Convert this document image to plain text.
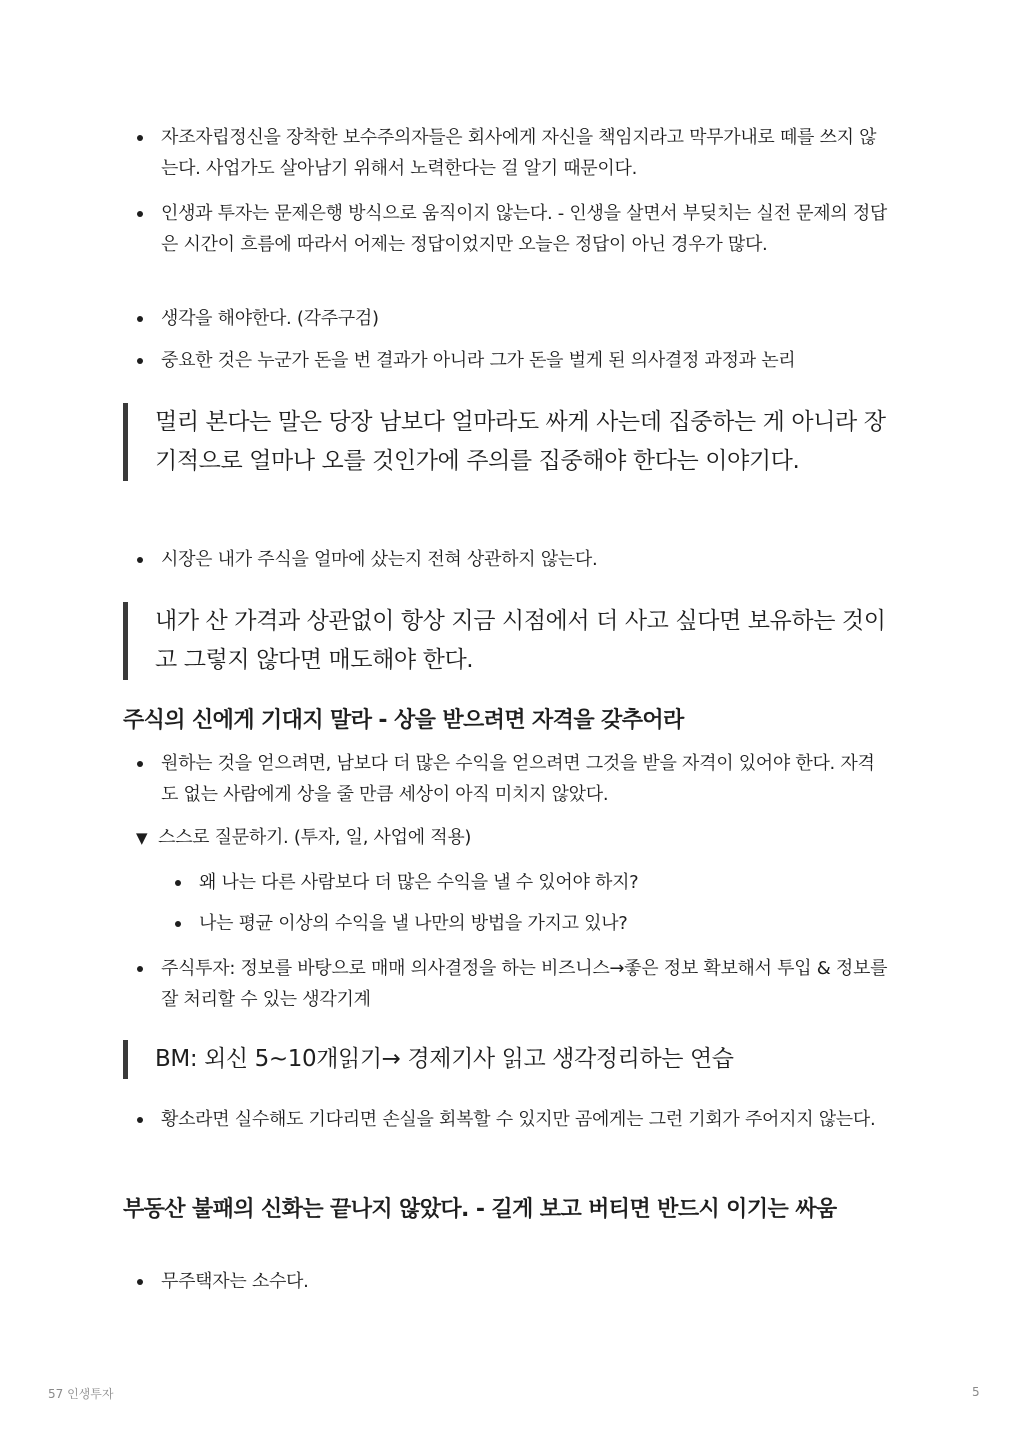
자조자립정신을 장착한 보수주의자들은 회사에게 자신을 책임지라고 막무가내로 떼를 쓰지 않는다. 사업가도 살아남기 위해서 노력한다는 걸 알기 때문이다.
인생과 투자는 문제은행 방식으로 움직이지 않는다. - 인생을 살면서 부딪치는 실전 문제의 정답은 시간이 흐름에 따라서 어제는 정답이었지만 오늘은 정답이 아닌 경우가 많다.
생각을 해야한다. (각주구검)
중요한 것은 누군가 돈을 번 결과가 아니라 그가 돈을 벌게 된 의사결정 과정과 논리
멀리 본다는 말은 당장 남보다 얼마라도 싸게 사는데 집중하는 게 아니라 장기적으로 얼마나 오를 것인가에 주의를 집중해야 한다는 이야기다.
시장은 내가 주식을 얼마에 샀는지 전혀 상관하지 않는다.
내가 산 가격과 상관없이 항상 지금 시점에서 더 사고 싶다면 보유하는 것이고 그렇지 않다면 매도해야 한다.
주식의 신에게 기대지 말라 - 상을 받으려면 자격을 갖추어라
원하는 것을 얻으려면, 남보다 더 많은 수익을 얻으려면 그것을 받을 자격이 있어야 한다. 자격도 없는 사람에게 상을 줄 만큼 세상이 아직 미치지 않았다.
▼ 스스로 질문하기. (투자, 일, 사업에 적용)
왜 나는 다른 사람보다 더 많은 수익을 낼 수 있어야 하지?
나는 평균 이상의 수익을 낼 나만의 방법을 가지고 있나?
주식투자: 정보를 바탕으로 매매 의사결정을 하는 비즈니스→좋은 정보 확보해서 투입 & 정보를 잘 처리할 수 있는 생각기계
BM: 외신 5~10개읽기→ 경제기사 읽고 생각정리하는 연습
황소라면 실수해도 기다리면 손실을 회복할 수 있지만 곰에게는 그런 기회가 주어지지 않는다.
부동산 불패의 신화는 끝나지 않았다. - 길게 보고 버티면 반드시 이기는 싸움
무주택자는 소수다.
57 인생투자	5
